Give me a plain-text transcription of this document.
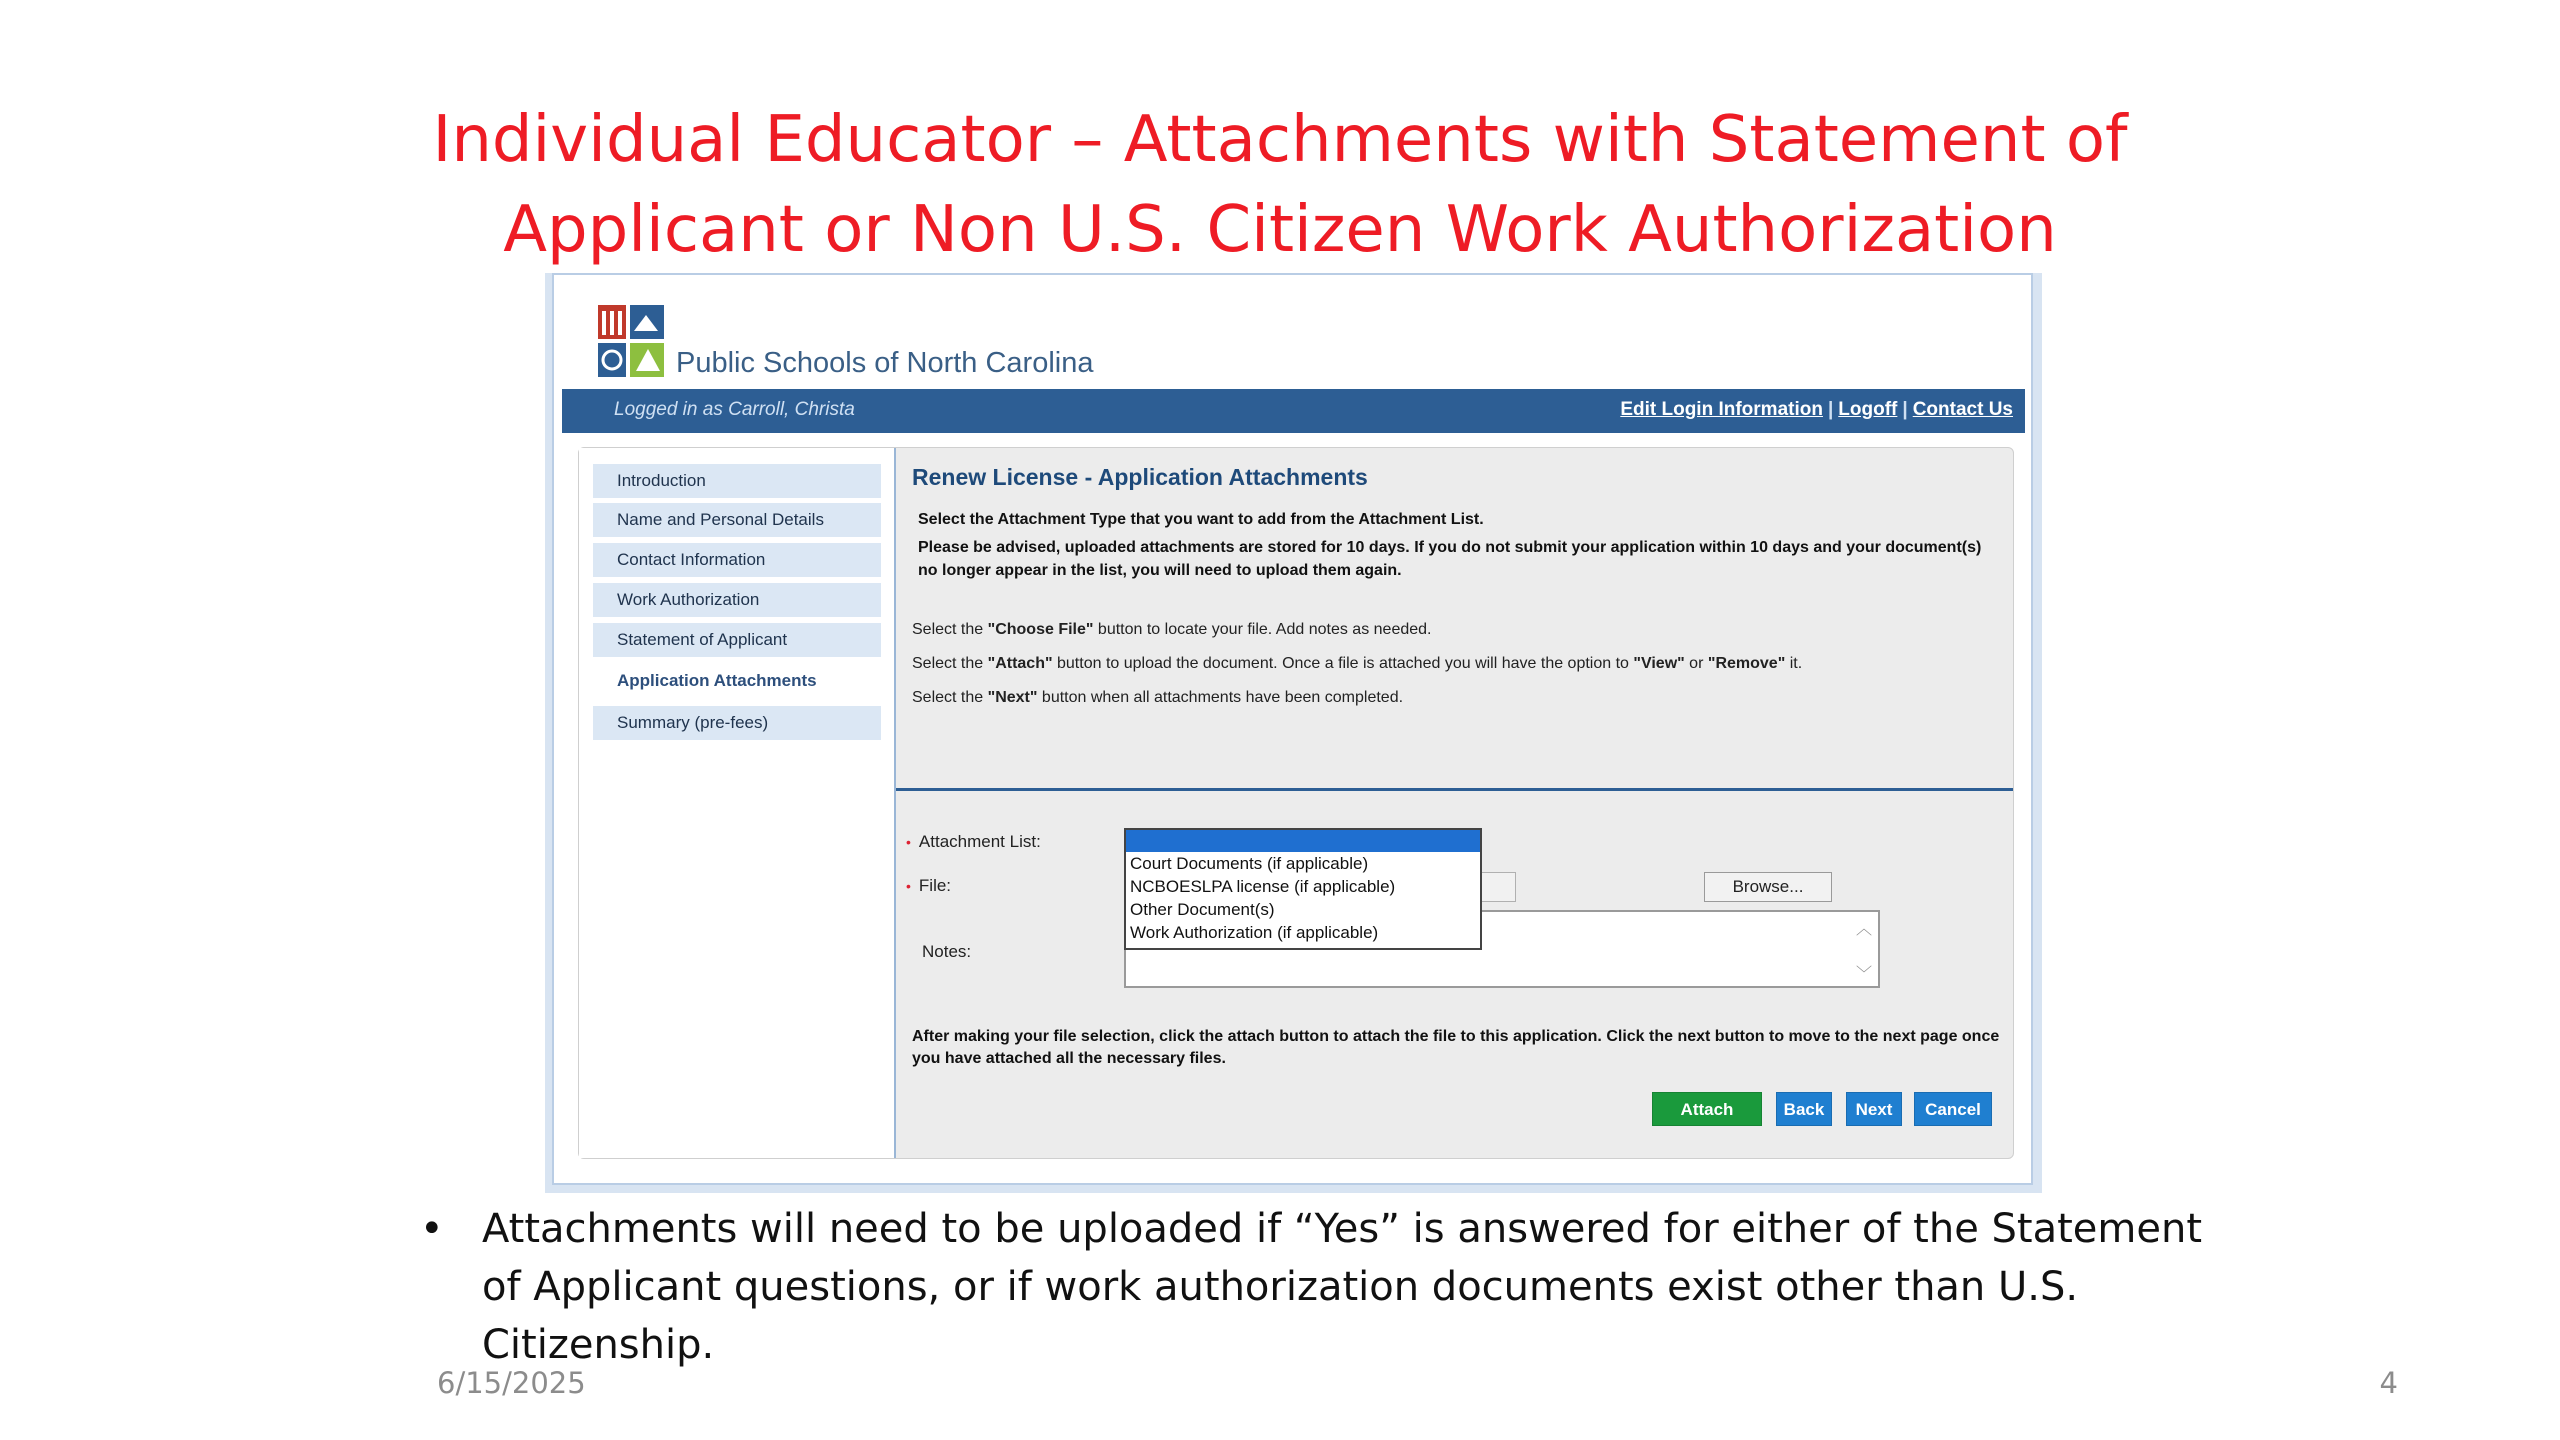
Individual Educator – Attachments with Statement of
Applicant or Non U.S. Citizen Work Authorization
Public Schools of North Carolina
Logged in as Carroll, Christa	Edit Login Information | Logoff | Contact Us
Introduction
Name and Personal Details
Contact Information
Work Authorization
Statement of Applicant
Application Attachments
Summary (pre-fees)
Renew License - Application Attachments
Select the Attachment Type that you want to add from the Attachment List.
Please be advised, uploaded attachments are stored for 10 days. If you do not submit your application within 10 days and your document(s) no longer appear in the list, you will need to upload them again.
Select the "Choose File" button to locate your file. Add notes as needed.
Select the "Attach" button to upload the document. Once a file is attached you will have the option to "View" or "Remove" it.
Select the "Next" button when all attachments have been completed.
• Attachment List:
• File:
Notes:
Browse...
︿
﹀
Court Documents (if applicable)
NCBOESLPA license (if applicable)
Other Document(s)
Work Authorization (if applicable)
After making your file selection, click the attach button to attach the file to this application. Click the next button to move to the next page once you have attached all the necessary files.
Attach	Back	Next	Cancel
• Attachments will need to be uploaded if “Yes” is answered for either of the Statement of Applicant questions, or if work authorization documents exist other than U.S. Citizenship.
6/15/2025	4
